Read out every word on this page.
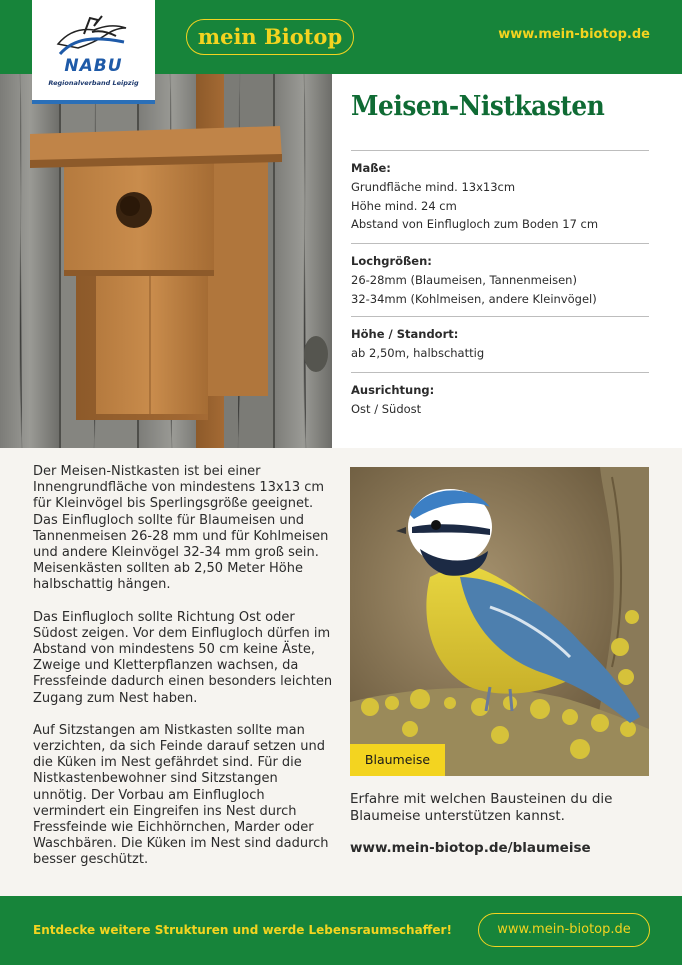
mein Biotop	www.mein-biotop.de
NABU
Regionalverband Leipzig
Meisen-Nistkasten
Maße:
Grundfläche mind. 13x13cm
Höhe mind. 24 cm
Abstand von Einflugloch zum Boden 17 cm
Lochgrößen:
26-28mm (Blaumeisen, Tannenmeisen)
32-34mm (Kohlmeisen, andere Kleinvögel)
Höhe / Standort:
ab 2,50m, halbschattig
Ausrichtung:
Ost / Südost

Der Meisen-Nistkasten ist bei einer Innengrundfläche von mindestens 13x13 cm für Kleinvögel bis Sperlingsgröße geeignet. Das Einflugloch sollte für Blaumeisen und Tannenmeisen 26-28 mm und für Kohlmeisen und andere Kleinvögel 32-34 mm groß sein. Meisenkästen sollten ab 2,50 Meter Höhe halbschattig hängen.

Das Einflugloch sollte Richtung Ost oder Südost zeigen. Vor dem Einflugloch dürfen im Abstand von mindestens 50 cm keine Äste, Zweige und Kletterpflanzen wachsen, da Fressfeinde dadurch einen besonders leichten Zugang zum Nest haben.

Auf Sitzstangen am Nistkasten sollte man verzichten, da sich Feinde darauf setzen und die Küken im Nest gefährdet sind. Für die Nistkastenbewohner sind Sitzstangen unnötig. Der Vorbau am Einflugloch vermindert ein Eingreifen ins Nest durch Fressfeinde wie Eichhörnchen, Marder oder Waschbären. Die Küken im Nest sind dadurch besser geschützt.

Blaumeise
Erfahre mit welchen Bausteinen du die Blaumeise unterstützen kannst.
www.mein-biotop.de/blaumeise
Entdecke weitere Strukturen und werde Lebensraumschaffer!	www.mein-biotop.de
